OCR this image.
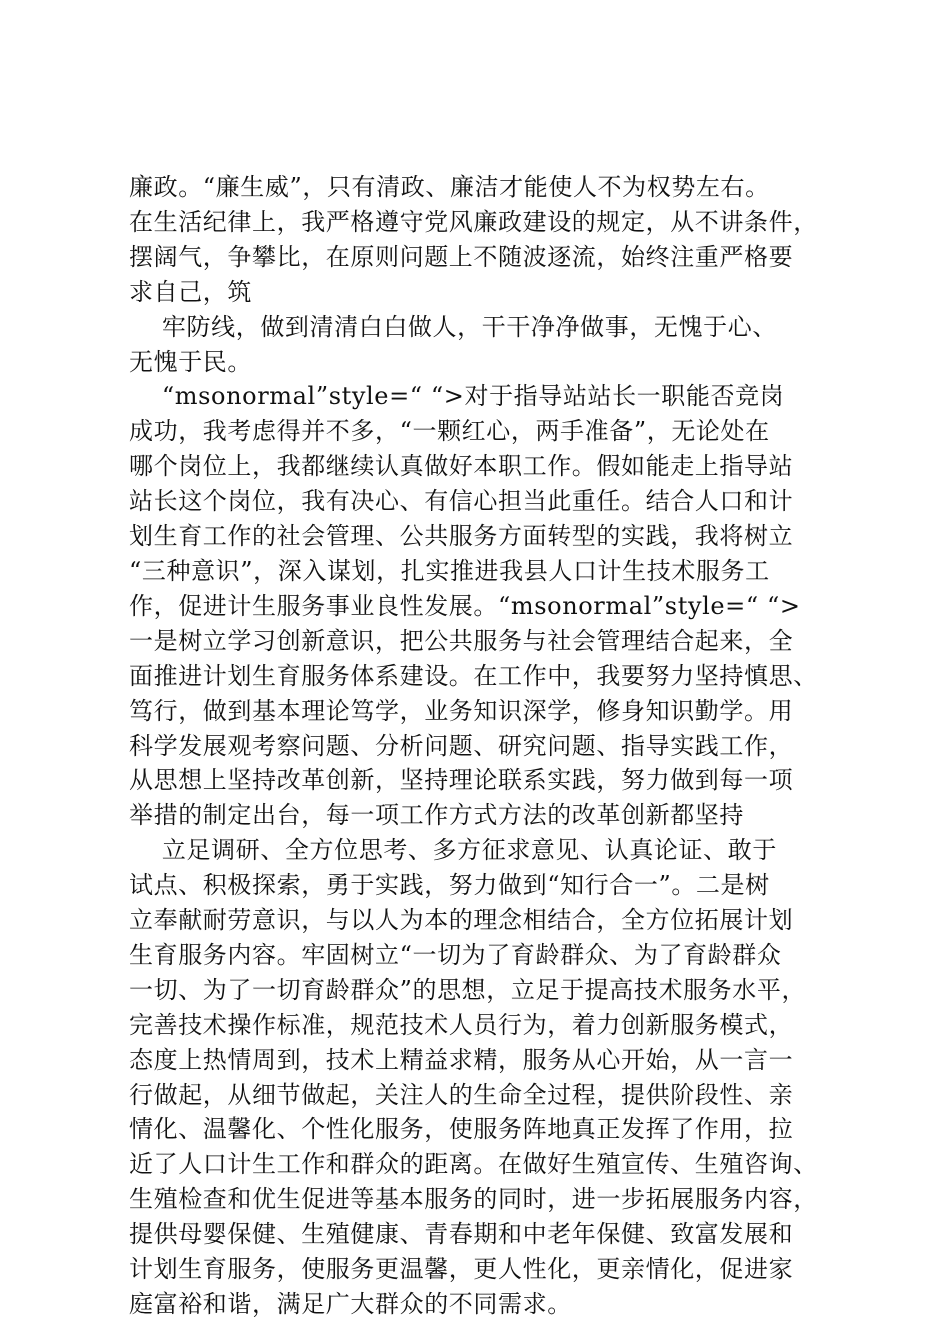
廉政。“廉生威”，只有清政、廉洁才能使人不为权势左右。
在生活纪律上，我严格遵守党风廉政建设的规定，从不讲条件，
摆阔气，争攀比，在原则问题上不随波逐流，始终注重严格要
求自己，筑

牢防线，做到清清白白做人，干干净净做事，无愧于心、
无愧于民。

“msonormal”style=“ “>对于指导站站长一职能否竞岗
成功，我考虑得并不多，“一颗红心，两手准备”，无论处在
哪个岗位上，我都继续认真做好本职工作。假如能走上指导站
站长这个岗位，我有决心、有信心担当此重任。结合人口和计
划生育工作的社会管理、公共服务方面转型的实践，我将树立
“三种意识”，深入谋划，扎实推进我县人口计生技术服务工
作，促进计生服务事业良性发展。“msonormal”style=“ “>
一是树立学习创新意识，把公共服务与社会管理结合起来，全
面推进计划生育服务体系建设。在工作中，我要努力坚持慎思、
笃行，做到基本理论笃学，业务知识深学，修身知识勤学。用
科学发展观考察问题、分析问题、研究问题、指导实践工作，
从思想上坚持改革创新，坚持理论联系实践，努力做到每一项
举措的制定出台，每一项工作方式方法的改革创新都坚持

立足调研、全方位思考、多方征求意见、认真论证、敢于
试点、积极探索，勇于实践，努力做到“知行合一”。二是树
立奉献耐劳意识，与以人为本的理念相结合，全方位拓展计划
生育服务内容。牢固树立“一切为了育龄群众、为了育龄群众
一切、为了一切育龄群众”的思想，立足于提高技术服务水平，
完善技术操作标准，规范技术人员行为，着力创新服务模式，
态度上热情周到，技术上精益求精，服务从心开始，从一言一
行做起，从细节做起，关注人的生命全过程，提供阶段性、亲
情化、温馨化、个性化服务，使服务阵地真正发挥了作用，拉
近了人口计生工作和群众的距离。在做好生殖宣传、生殖咨询、
生殖检查和优生促进等基本服务的同时，进一步拓展服务内容，
提供母婴保健、生殖健康、青春期和中老年保健、致富发展和
计划生育服务，使服务更温馨，更人性化，更亲情化，促进家
庭富裕和谐，满足广大群众的不同需求。
